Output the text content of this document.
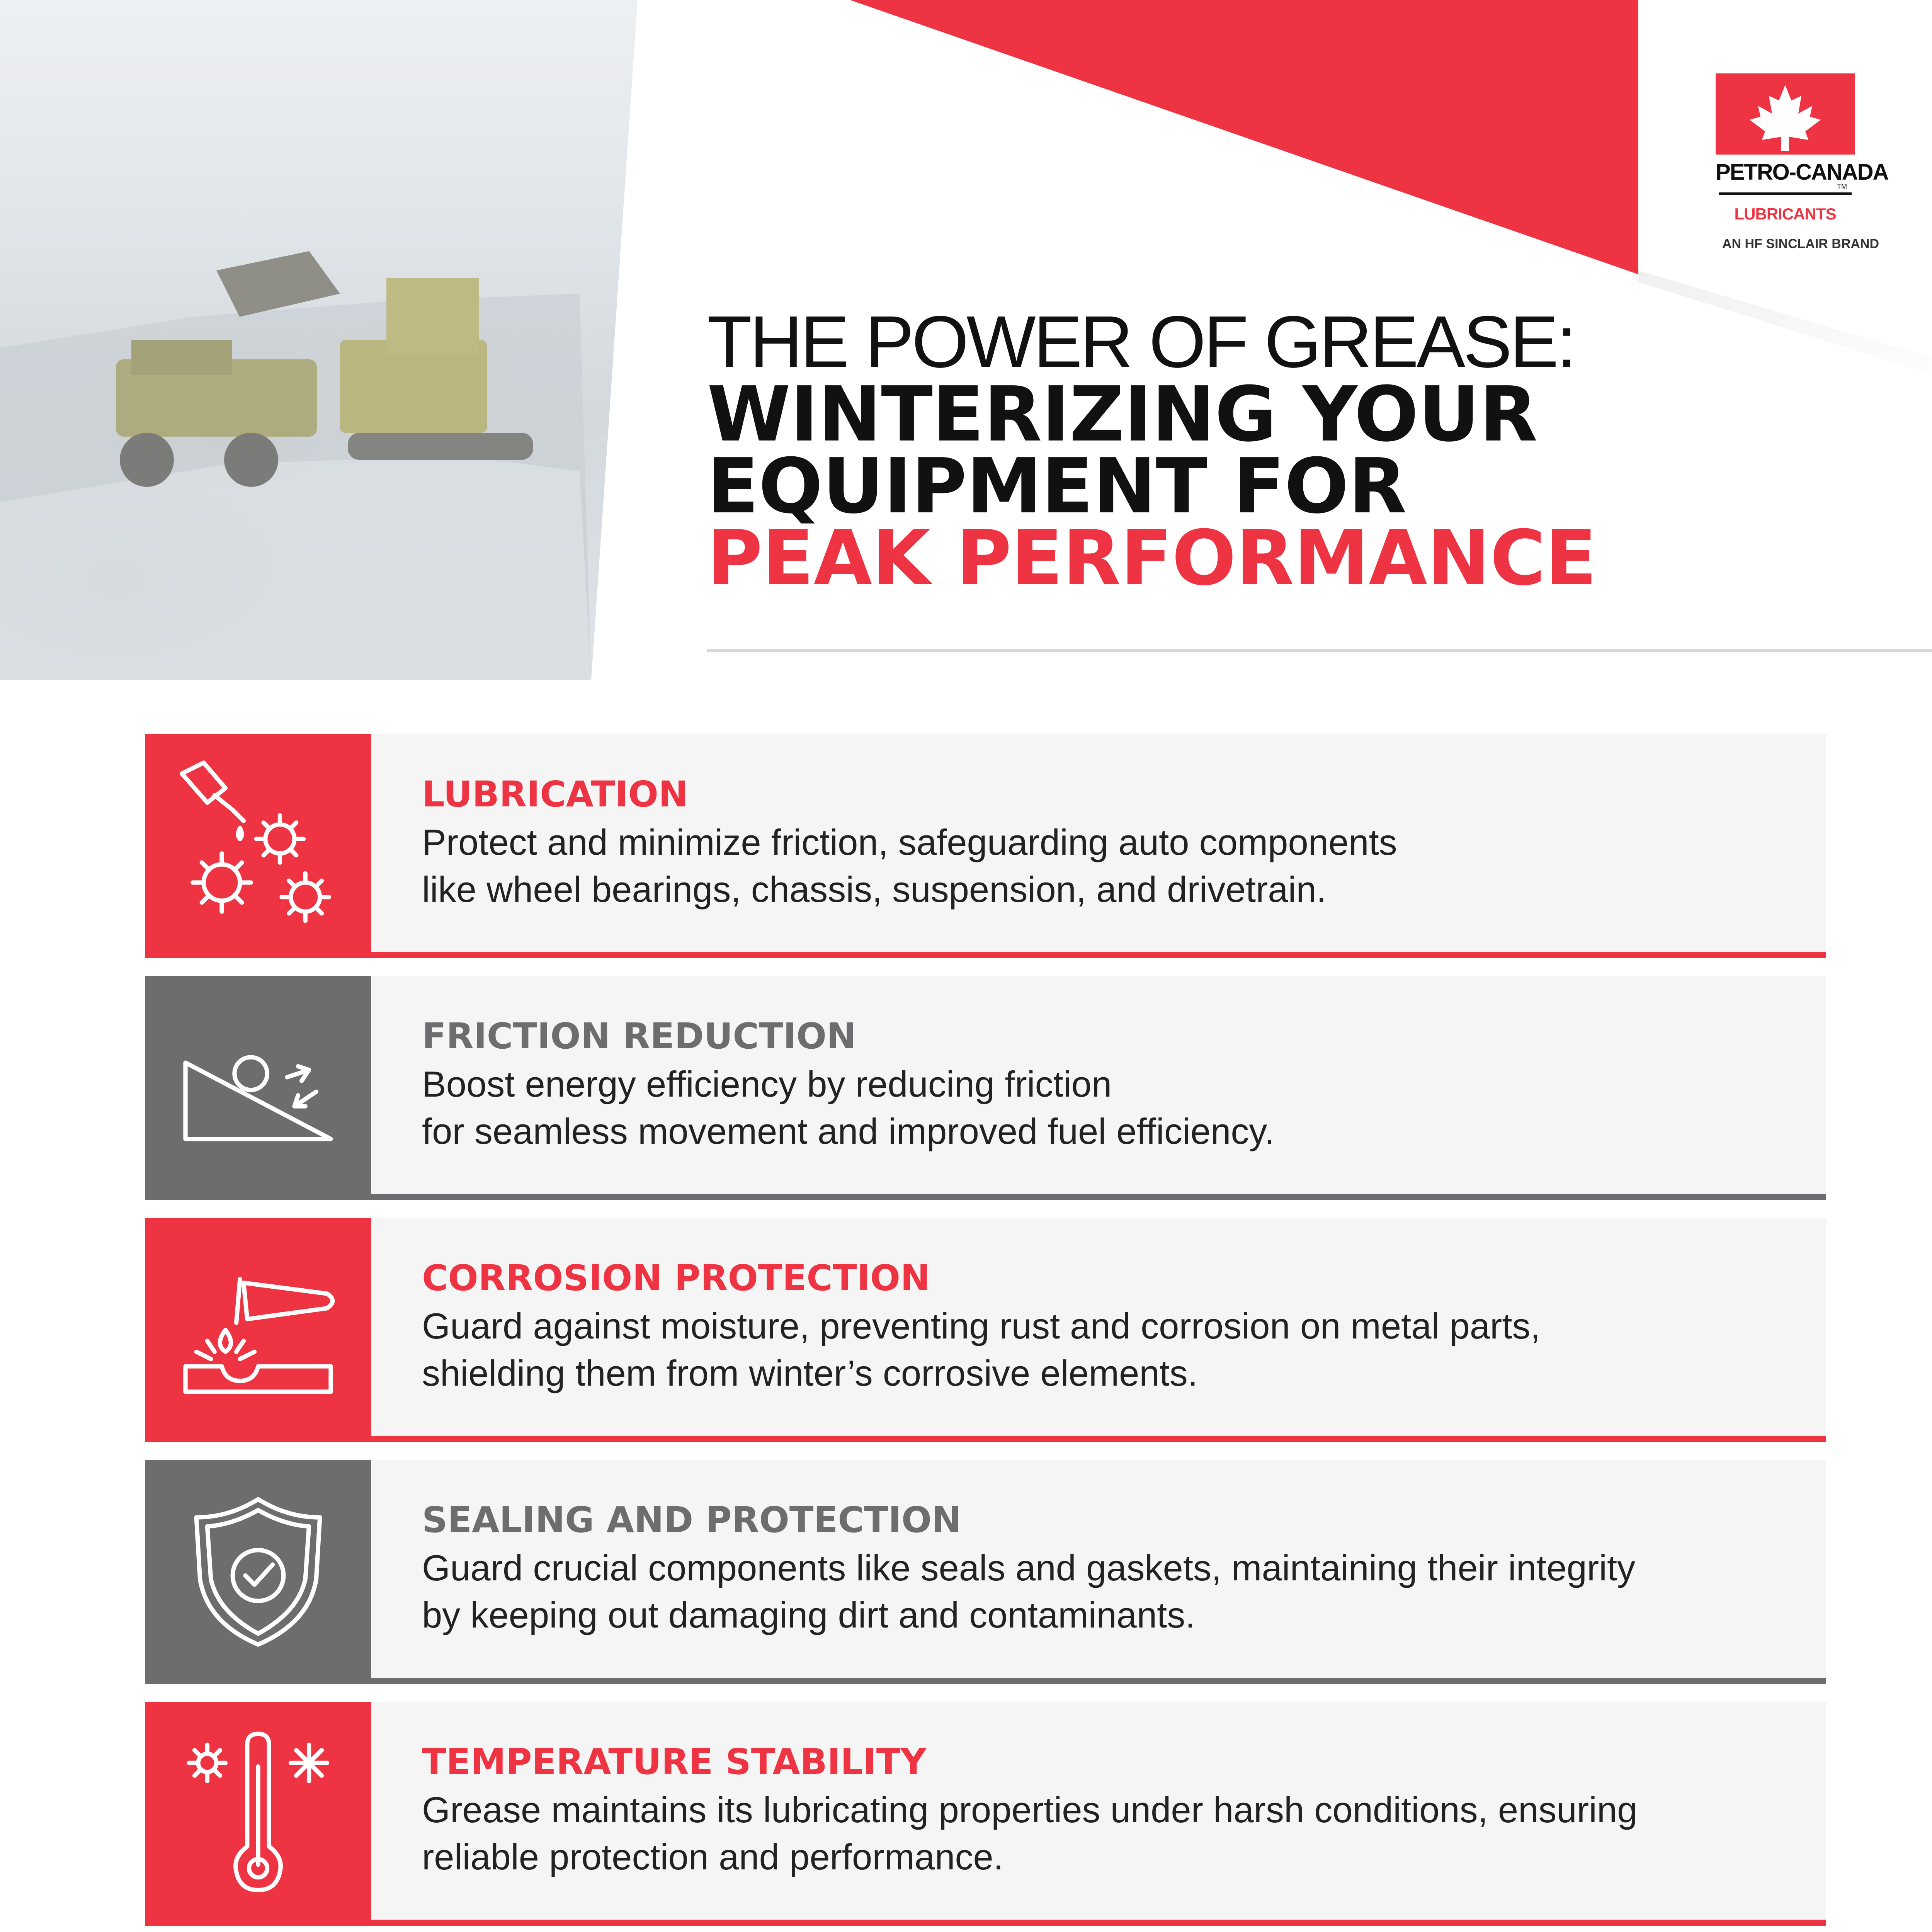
PETRO-CANADA
TM
LUBRICANTS
AN HF SINCLAIR BRAND
THE POWER OF GREASE:
WINTERIZING YOUR
EQUIPMENT FOR
PEAK PERFORMANCE
LUBRICATION
Protect and minimize friction, safeguarding auto components
like wheel bearings, chassis, suspension, and drivetrain.
FRICTION REDUCTION
Boost energy efficiency by reducing friction
for seamless movement and improved fuel efficiency.
CORROSION PROTECTION
Guard against moisture, preventing rust and corrosion on metal parts,
shielding them from winter’s corrosive elements.
SEALING AND PROTECTION
Guard crucial components like seals and gaskets, maintaining their integrity
by keeping out damaging dirt and contaminants.
TEMPERATURE STABILITY
Grease maintains its lubricating properties under harsh conditions, ensuring
reliable protection and performance.
